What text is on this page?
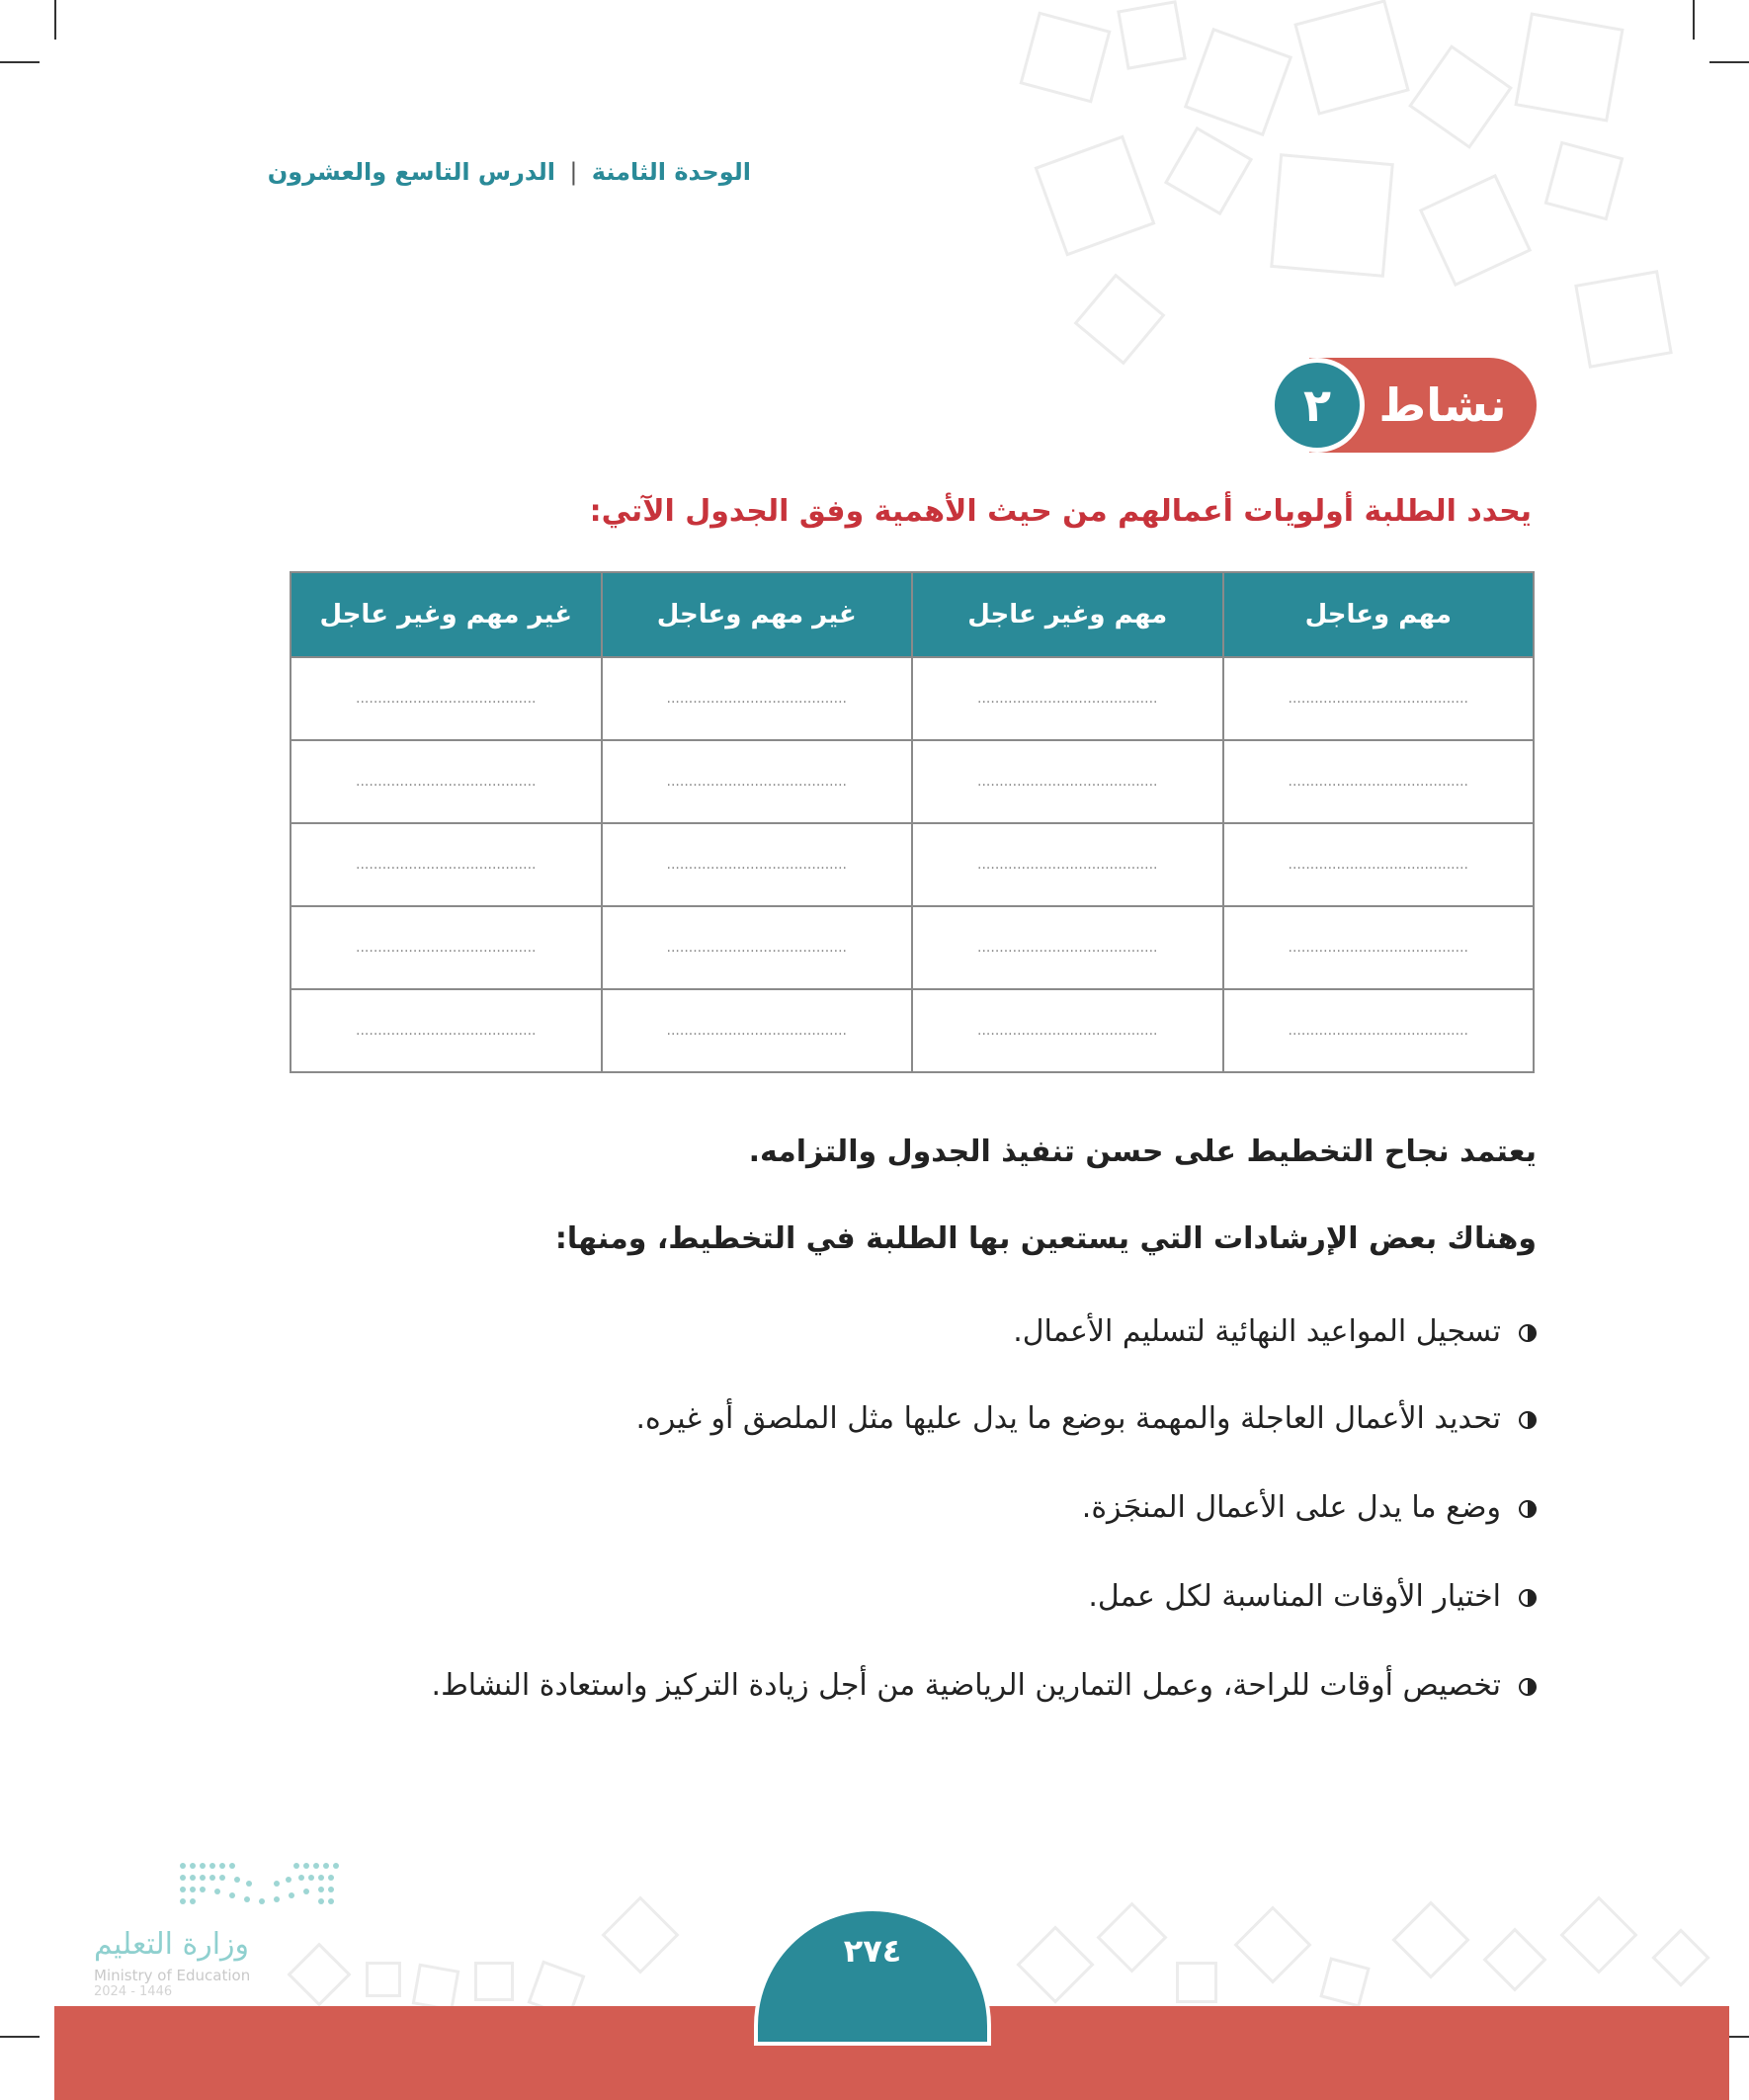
الوحدة الثامنة | الدرس التاسع والعشرون
نشاط
٢
يحدد الطلبة أولويات أعمالهم من حيث الأهمية وفق الجدول الآتي:
مهم وعاجل	مهم وغير عاجل	غير مهم وعاجل	غير مهم وغير عاجل
.........................................	.........................................	.........................................	.........................................
.........................................	.........................................	.........................................	.........................................
.........................................	.........................................	.........................................	.........................................
.........................................	.........................................	.........................................	.........................................
.........................................	.........................................	.........................................	.........................................
يعتمد نجاح التخطيط على حسن تنفيذ الجدول والتزامه.
وهناك بعض الإرشادات التي يستعين بها الطلبة في التخطيط، ومنها:
تسجيل المواعيد النهائية لتسليم الأعمال.
تحديد الأعمال العاجلة والمهمة بوضع ما يدل عليها مثل الملصق أو غيره.
وضع ما يدل على الأعمال المنجَزة.
اختيار الأوقات المناسبة لكل عمل.
تخصيص أوقات للراحة، وعمل التمارين الرياضية من أجل زيادة التركيز واستعادة النشاط.
وزارة التعليم
Ministry of Education
2024 - 1446
٢٧٤
